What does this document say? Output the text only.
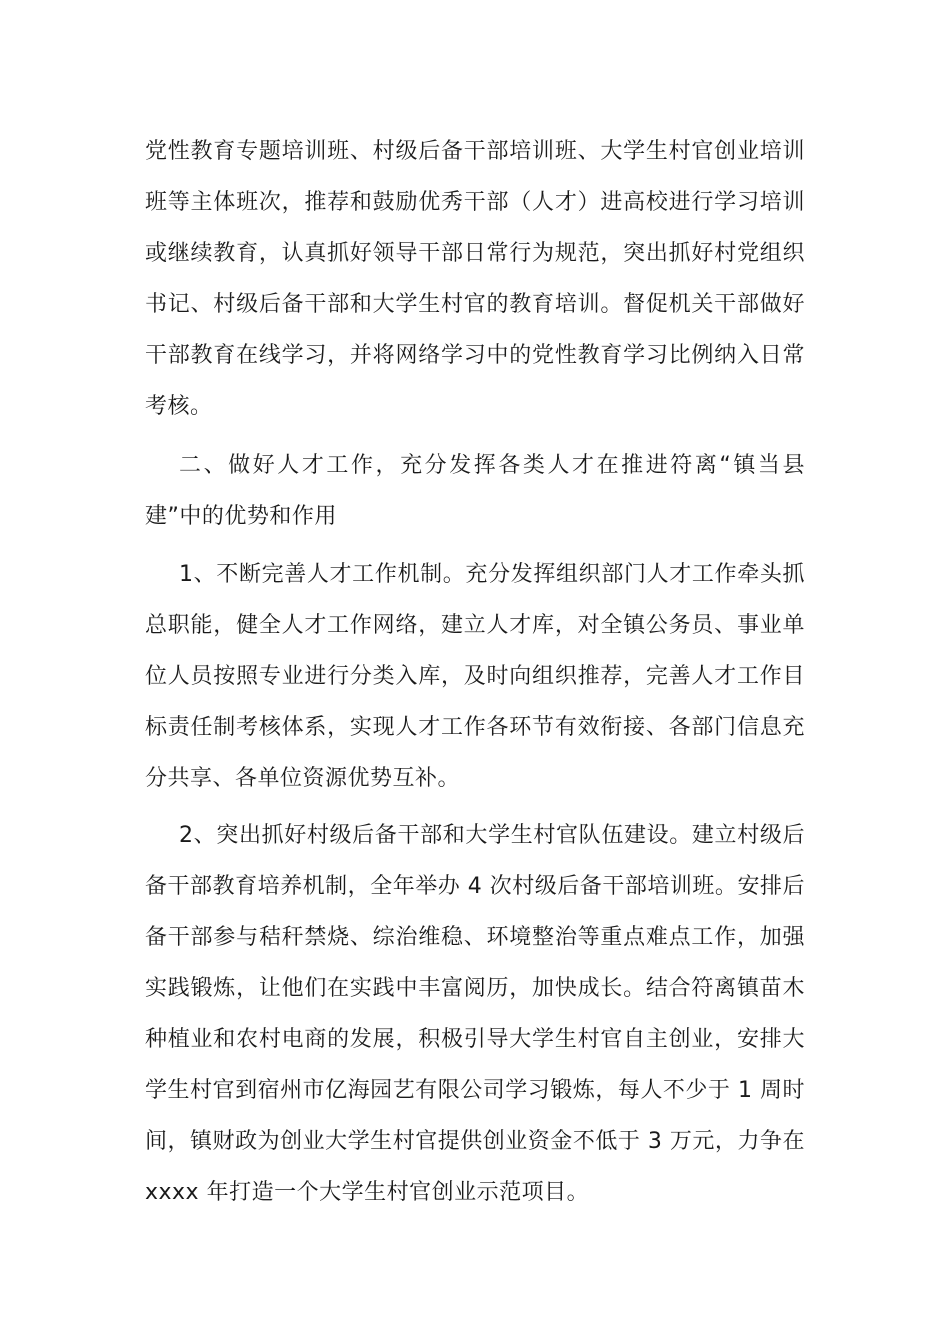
党性教育专题培训班、村级后备干部培训班、大学生村官创业培训班等主体班次，推荐和鼓励优秀干部（人才）进高校进行学习培训或继续教育，认真抓好领导干部日常行为规范，突出抓好村党组织书记、村级后备干部和大学生村官的教育培训。督促机关干部做好干部教育在线学习，并将网络学习中的党性教育学习比例纳入日常考核。

二、做好人才工作，充分发挥各类人才在推进符离“镇当县建”中的优势和作用

1、不断完善人才工作机制。充分发挥组织部门人才工作牵头抓总职能，健全人才工作网络，建立人才库，对全镇公务员、事业单位人员按照专业进行分类入库，及时向组织推荐，完善人才工作目标责任制考核体系，实现人才工作各环节有效衔接、各部门信息充分共享、各单位资源优势互补。

2、突出抓好村级后备干部和大学生村官队伍建设。建立村级后备干部教育培养机制，全年举办 4 次村级后备干部培训班。安排后备干部参与秸秆禁烧、综治维稳、环境整治等重点难点工作，加强实践锻炼，让他们在实践中丰富阅历，加快成长。结合符离镇苗木种植业和农村电商的发展，积极引导大学生村官自主创业，安排大学生村官到宿州市亿海园艺有限公司学习锻炼，每人不少于 1 周时间，镇财政为创业大学生村官提供创业资金不低于 3 万元，力争在 xxxx 年打造一个大学生村官创业示范项目。
